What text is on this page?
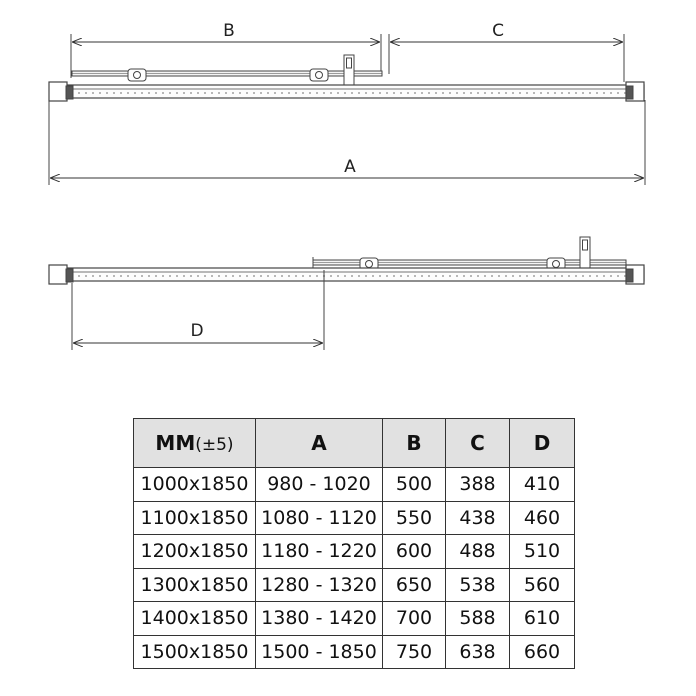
B	C
A
D
MM(±5)	A	B	C	D
1000x1850	980 - 1020	500	388	410
1100x1850	1080 - 1120	550	438	460
1200x1850	1180 - 1220	600	488	510
1300x1850	1280 - 1320	650	538	560
1400x1850	1380 - 1420	700	588	610
1500x1850	1500 - 1850	750	638	660
